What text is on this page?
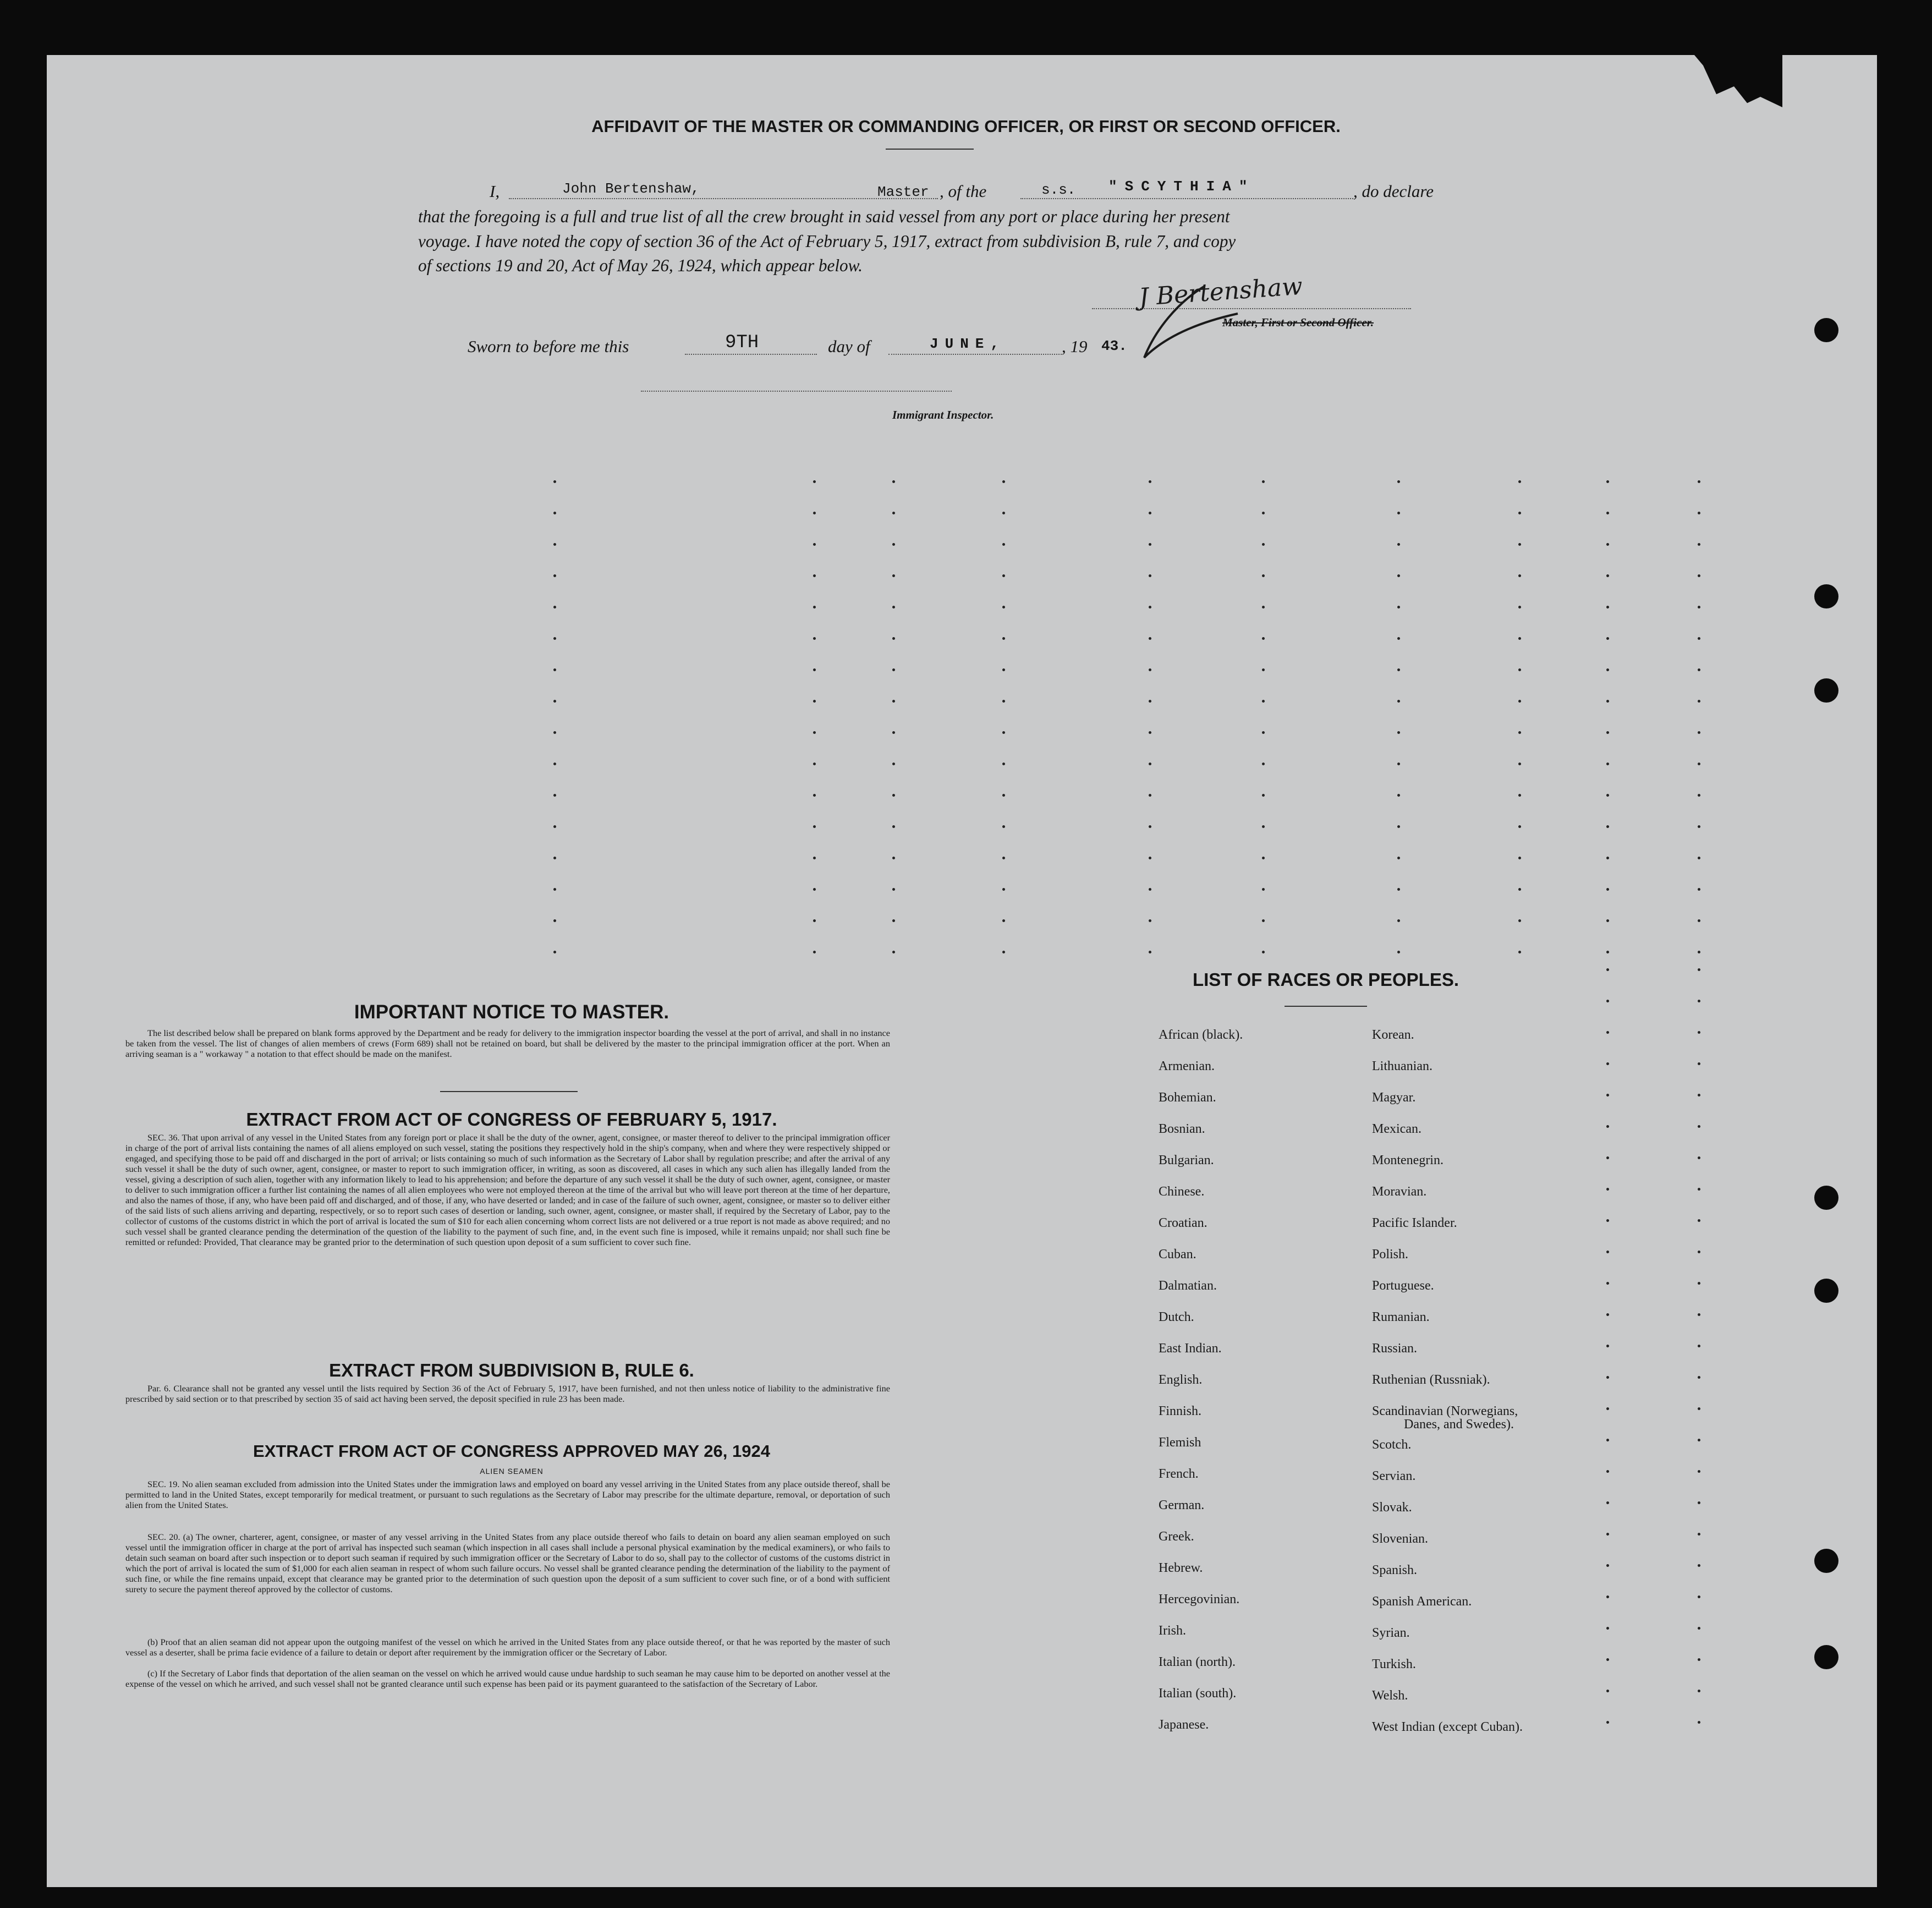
AFFIDAVIT OF THE MASTER OR COMMANDING OFFICER, OR FIRST OR SECOND OFFICER.
I,	John Bertenshaw,	Master , of the	s.s. "SCYTHIA"	, do declare
that the foregoing is a full and true list of all the crew brought in said vessel from any port or place during her present
voyage. I have noted the copy of section 36 of the Act of February 5, 1917, extract from subdivision B, rule 7, and copy
of sections 19 and 20, Act of May 26, 1924, which appear below.
J Bertenshaw
Master, First or Second Officer.
Sworn to before me this	9TH	day of	JUNE,	, 19 43.
Immigrant Inspector.
IMPORTANT NOTICE TO MASTER.
The list described below shall be prepared on blank forms approved by the Department and be ready for delivery to the immigration inspector boarding the vessel at the port of arrival, and shall in no instance be taken from the vessel. The list of changes of alien members of crews (Form 689) shall not be retained on board, but shall be delivered by the master to the principal immigration officer at the port. When an arriving seaman is a " workaway " a notation to that effect should be made on the manifest.
EXTRACT FROM ACT OF CONGRESS OF FEBRUARY 5, 1917.
SEC. 36. That upon arrival of any vessel in the United States from any foreign port or place it shall be the duty of the owner, agent, consignee, or master thereof to deliver to the principal immigration officer in charge of the port of arrival lists containing the names of all aliens employed on such vessel, stating the positions they respectively hold in the ship's company, when and where they were respectively shipped or engaged, and specifying those to be paid off and discharged in the port of arrival; or lists containing so much of such information as the Secretary of Labor shall by regulation prescribe; and after the arrival of any such vessel it shall be the duty of such owner, agent, consignee, or master to report to such immigration officer, in writing, as soon as discovered, all cases in which any such alien has illegally landed from the vessel, giving a description of such alien, together with any information likely to lead to his apprehension; and before the departure of any such vessel it shall be the duty of such owner, agent, consignee, or master to deliver to such immigration officer a further list containing the names of all alien employees who were not employed thereon at the time of the arrival but who will leave port thereon at the time of her departure, and also the names of those, if any, who have been paid off and discharged, and of those, if any, who have deserted or landed; and in case of the failure of such owner, agent, consignee, or master so to deliver either of the said lists of such aliens arriving and departing, respectively, or so to report such cases of desertion or landing, such owner, agent, consignee, or master shall, if required by the Secretary of Labor, pay to the collector of customs of the customs district in which the port of arrival is located the sum of $10 for each alien concerning whom correct lists are not delivered or a true report is not made as above required; and no such vessel shall be granted clearance pending the determination of the question of the liability to the payment of such fine, and, in the event such fine is imposed, while it remains unpaid; nor shall such fine be remitted or refunded: Provided, That clearance may be granted prior to the determination of such question upon deposit of a sum sufficient to cover such fine.
EXTRACT FROM SUBDIVISION B, RULE 6.
Par. 6. Clearance shall not be granted any vessel until the lists required by Section 36 of the Act of February 5, 1917, have been furnished, and not then unless notice of liability to the administrative fine prescribed by said section or to that prescribed by section 35 of said act having been served, the deposit specified in rule 23 has been made.
EXTRACT FROM ACT OF CONGRESS APPROVED MAY 26, 1924
ALIEN SEAMEN
SEC. 19. No alien seaman excluded from admission into the United States under the immigration laws and employed on board any vessel arriving in the United States from any place outside thereof, shall be permitted to land in the United States, except temporarily for medical treatment, or pursuant to such regulations as the Secretary of Labor may prescribe for the ultimate departure, removal, or deportation of such alien from the United States.
SEC. 20. (a) The owner, charterer, agent, consignee, or master of any vessel arriving in the United States from any place outside thereof who fails to detain on board any alien seaman employed on such vessel until the immigration officer in charge at the port of arrival has inspected such seaman (which inspection in all cases shall include a personal physical examination by the medical examiners), or who fails to detain such seaman on board after such inspection or to deport such seaman if required by such immigration officer or the Secretary of Labor to do so, shall pay to the collector of customs of the customs district in which the port of arrival is located the sum of $1,000 for each alien seaman in respect of whom such failure occurs. No vessel shall be granted clearance pending the determination of the liability to the payment of such fine, or while the fine remains unpaid, except that clearance may be granted prior to the determination of such question upon the deposit of a sum sufficient to cover such fine, or of a bond with sufficient surety to secure the payment thereof approved by the collector of customs.
(b) Proof that an alien seaman did not appear upon the outgoing manifest of the vessel on which he arrived in the United States from any place outside thereof, or that he was reported by the master of such vessel as a deserter, shall be prima facie evidence of a failure to detain or deport after requirement by the immigration officer or the Secretary of Labor.
(c) If the Secretary of Labor finds that deportation of the alien seaman on the vessel on which he arrived would cause undue hardship to such seaman he may cause him to be deported on another vessel at the expense of the vessel on which he arrived, and such vessel shall not be granted clearance until such expense has been paid or its payment guaranteed to the satisfaction of the Secretary of Labor.
LIST OF RACES OR PEOPLES.
African (black).
Armenian.
Bohemian.
Bosnian.
Bulgarian.
Chinese.
Croatian.
Cuban.
Dalmatian.
Dutch.
East Indian.
English.
Finnish.
Flemish
French.
German.
Greek.
Hebrew.
Hercegovinian.
Irish.
Italian (north).
Italian (south).
Japanese.
Korean.
Lithuanian.
Magyar.
Mexican.
Montenegrin.
Moravian.
Pacific Islander.
Polish.
Portuguese.
Rumanian.
Russian.
Ruthenian (Russniak).
Scandinavian (Norwegians,
Scotch.
Servian.
Slovak.
Slovenian.
Spanish.
Spanish American.
Syrian.
Turkish.
Welsh.
West Indian (except Cuban).
Danes, and Swedes).
